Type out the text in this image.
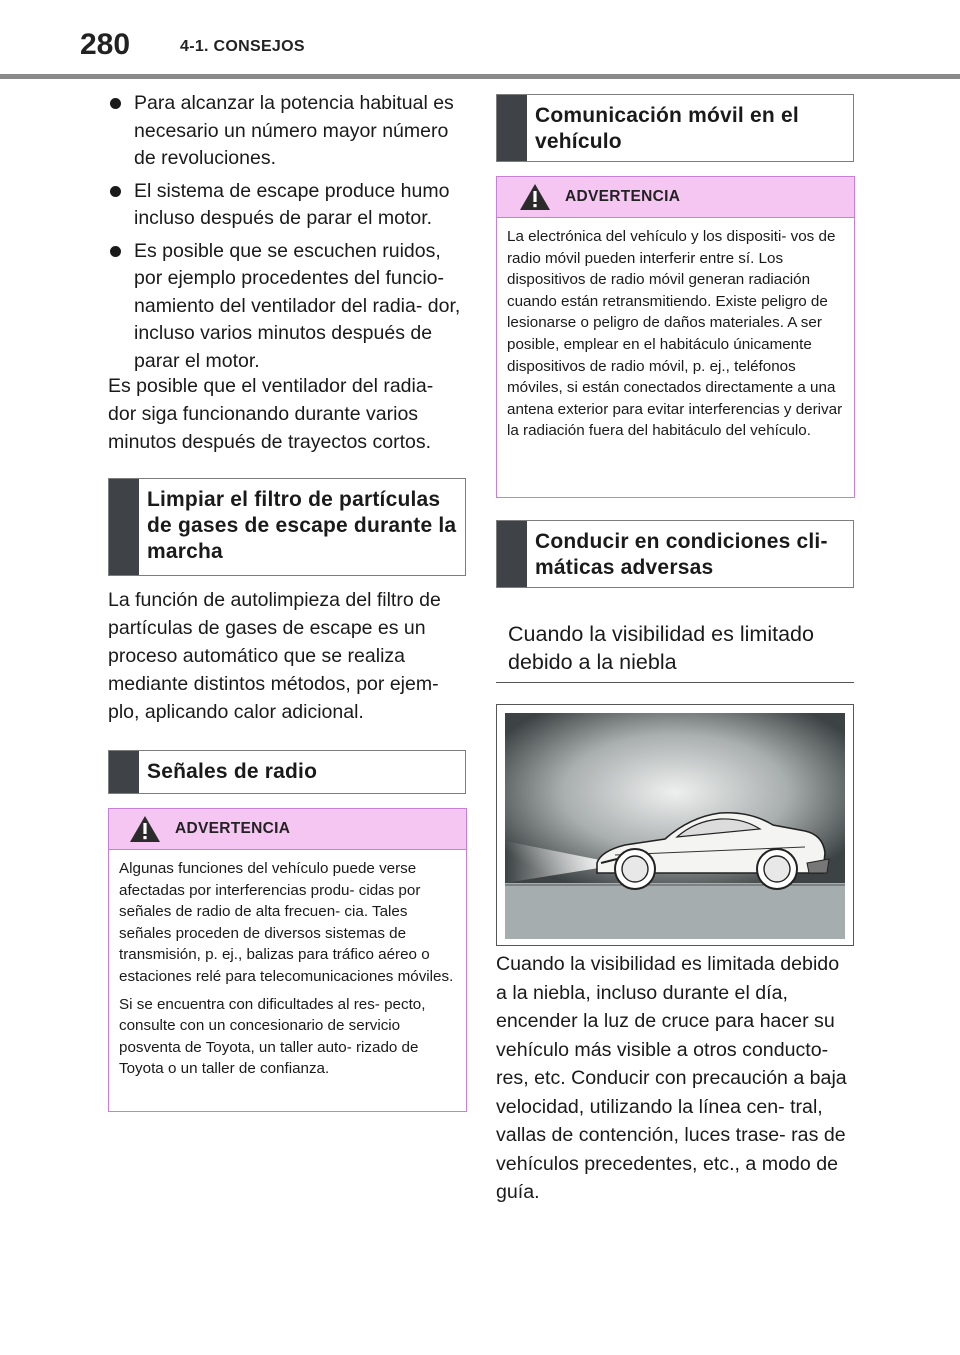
280	4-1. CONSEJOS
Para alcanzar la potencia habitual es necesario un número mayor número de revoluciones.
El sistema de escape produce humo incluso después de parar el motor.
Es posible que se escuchen ruidos, por ejemplo procedentes del funcio- namiento del ventilador del radia- dor, incluso varios minutos después de parar el motor.

Es posible que el ventilador del radia- dor siga funcionando durante varios minutos después de trayectos cortos.

Limpiar el filtro de partículas de gases de escape durante la marcha

La función de autolimpieza del filtro de partículas de gases de escape es un proceso automático que se realiza mediante distintos métodos, por ejem- plo, aplicando calor adicional.

Señales de radio
ADVERTENCIA

Algunas funciones del vehículo puede verse afectadas por interferencias produ- cidas por señales de radio de alta frecuen- cia. Tales señales proceden de diversos sistemas de transmisión, p. ej., balizas para tráfico aéreo o estaciones relé para telecomunicaciones móviles.

Si se encuentra con dificultades al res- pecto, consulte con un concesionario de servicio posventa de Toyota, un taller auto- rizado de Toyota o un taller de confianza.

Comunicación móvil en el vehículo
ADVERTENCIA

La electrónica del vehículo y los dispositi- vos de radio móvil pueden interferir entre sí. Los dispositivos de radio móvil generan radiación cuando están retransmitiendo. Existe peligro de lesionarse o peligro de daños materiales. A ser posible, emplear en el habitáculo únicamente dispositivos de radio móvil, p. ej., teléfonos móviles, si están conectados directamente a una antena exterior para evitar interferencias y derivar la radiación fuera del habitáculo del vehículo.

Conducir en condiciones cli- máticas adversas
Cuando la visibilidad es limitado debido a la niebla

Cuando la visibilidad es limitada debido a la niebla, incluso durante el día, encender la luz de cruce para hacer su vehículo más visible a otros conducto- res, etc. Conducir con precaución a baja velocidad, utilizando la línea cen- tral, vallas de contención, luces trase- ras de vehículos precedentes, etc., a modo de guía.
